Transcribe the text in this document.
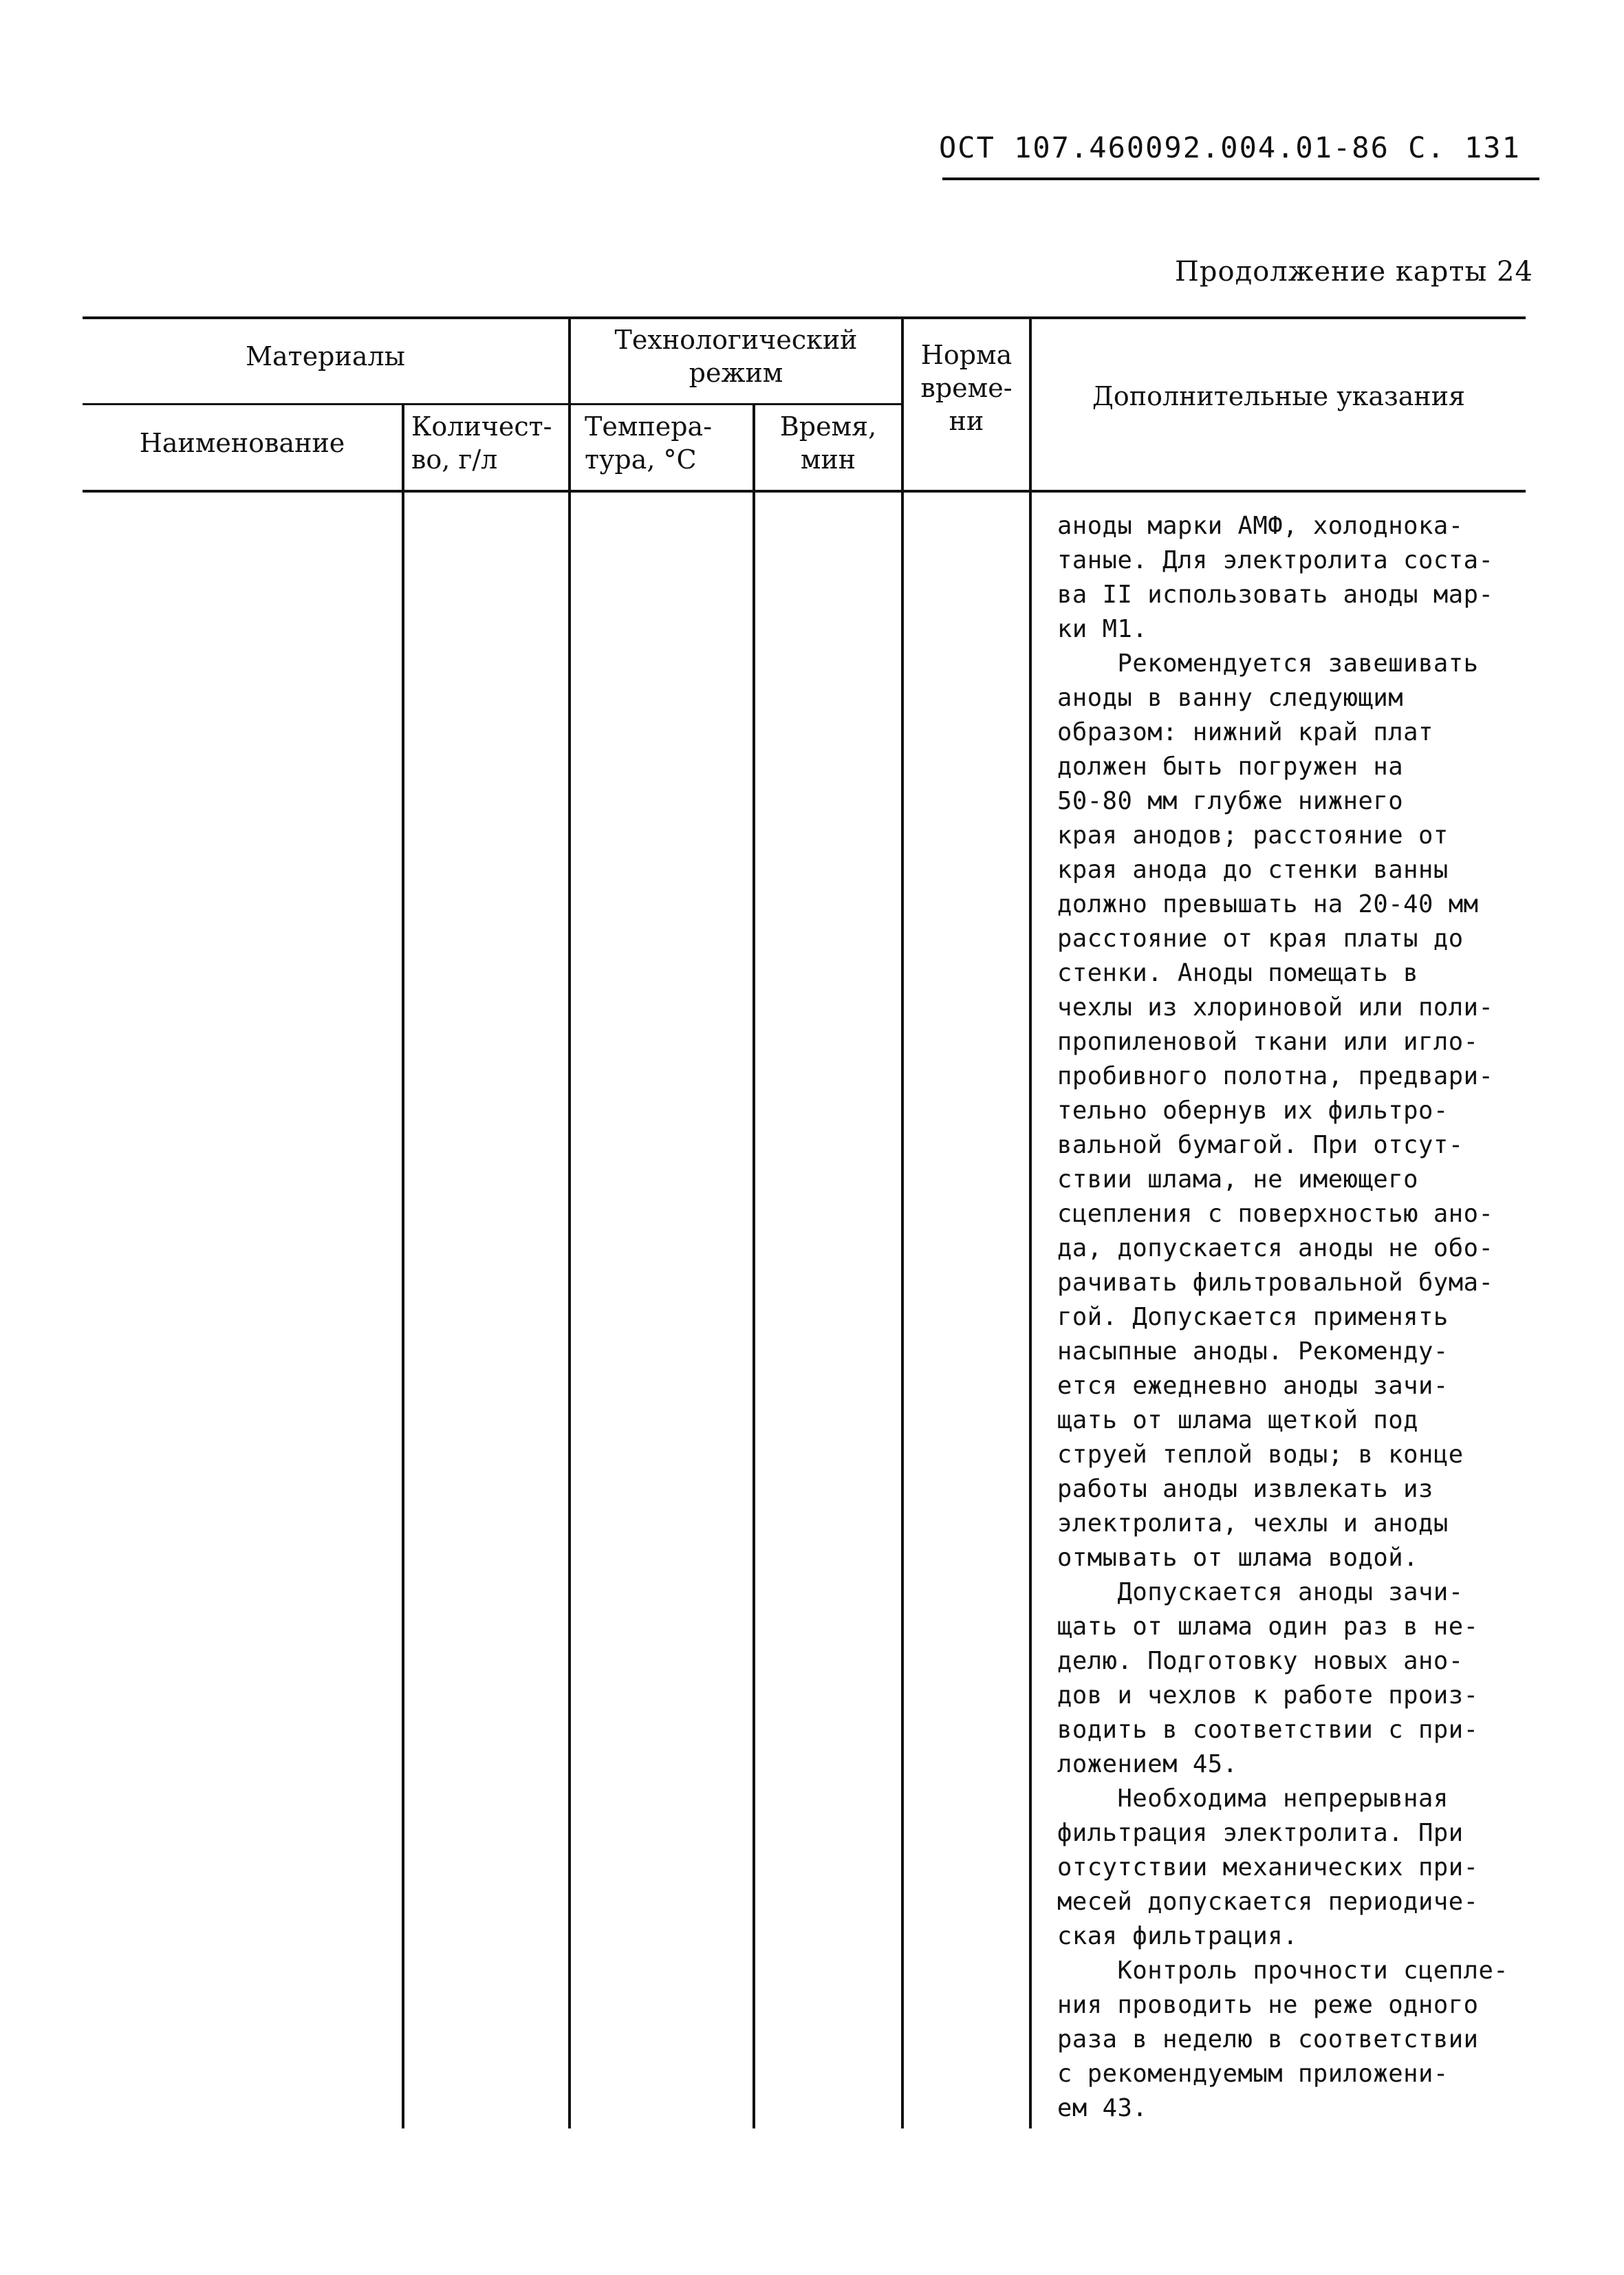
ОСТ 107.460092.004.01-86 С. 131
Продолжение карты 24
Материалы
Наименование
Количест-
во, г/л
Технологический
режим
Темпера-
тура, °С
Время,
мин
Норма
време-
ни
Дополнительные указания

аноды марки АМФ, холоднока-

таные. Для электролита соста-

ва II использовать аноды мар-

ки М1.

Рекомендуется завешивать

аноды в ванну следующим

образом: нижний край плат

должен быть погружен на

50-80 мм глубже нижнего

края анодов; расстояние от

края анода до стенки ванны

должно превышать на 20-40 мм

расстояние от края платы до

стенки. Аноды помещать в

чехлы из хлориновой или поли-

пропиленовой ткани или игло-

пробивного полотна, предвари-

тельно обернув их фильтро-

вальной бумагой. При отсут-

ствии шлама, не имеющего

сцепления с поверхностью ано-

да, допускается аноды не обо-

рачивать фильтровальной бума-

гой. Допускается применять

насыпные аноды. Рекоменду-

ется ежедневно аноды зачи-

щать от шлама щеткой под

струей теплой воды; в конце

работы аноды извлекать из

электролита, чехлы и аноды

отмывать от шлама водой.

Допускается аноды зачи-

щать от шлама один раз в не-

делю. Подготовку новых ано-

дов и чехлов к работе произ-

водить в соответствии с при-

ложением 45.

Необходима непрерывная

фильтрация электролита. При

отсутствии механических при-

месей допускается периодиче-

ская фильтрация.

Контроль прочности сцепле-

ния проводить не реже одного

раза в неделю в соответствии

с рекомендуемым приложени-

ем 43.
